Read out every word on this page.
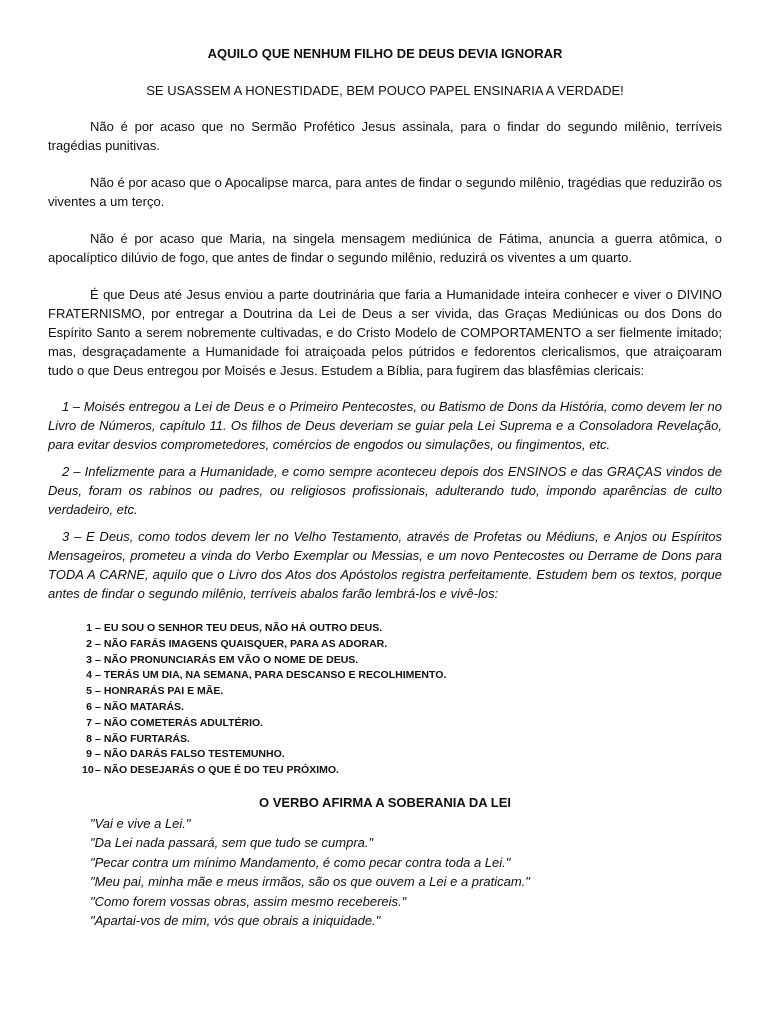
AQUILO QUE NENHUM FILHO DE DEUS DEVIA IGNORAR
SE USASSEM A HONESTIDADE, BEM POUCO PAPEL ENSINARIA A VERDADE!

Não é por acaso que no Sermão Profético Jesus assinala, para o findar do segundo milênio, terríveis tragédias punitivas.

Não é por acaso que o Apocalipse marca, para antes de findar o segundo milênio, tragédias que reduzirão os viventes a um terço.

Não é por acaso que Maria, na singela mensagem mediúnica de Fátima, anuncia a guerra atômica, o apocalíptico dilúvio de fogo, que antes de findar o segundo milênio, reduzirá os viventes a um quarto.

É que Deus até Jesus enviou a parte doutrinária que faria a Humanidade inteira conhecer e viver o DIVINO FRATERNISMO, por entregar a Doutrina da Lei de Deus a ser vivida, das Graças Mediúnicas ou dos Dons do Espírito Santo a serem nobremente cultivadas, e do Cristo Modelo de COMPORTAMENTO a ser fielmente imitado; mas, desgraçadamente a Humanidade foi atraiçoada pelos pútridos e fedorentos clericalismos, que atraiçoaram tudo o que Deus entregou por Moisés e Jesus. Estudem a Bíblia, para fugirem das blasfêmias clericais:

1 – Moisés entregou a Lei de Deus e o Primeiro Pentecostes, ou Batismo de Dons da História, como devem ler no Livro de Números, capítulo 11. Os filhos de Deus deveriam se guiar pela Lei Suprema e a Consoladora Revelação, para evitar desvios comprometedores, comércios de engodos ou simulações, ou fingimentos, etc.

2 – Infelizmente para a Humanidade, e como sempre aconteceu depois dos ENSINOS e das GRAÇAS vindos de Deus, foram os rabinos ou padres, ou religiosos profissionais, adulterando tudo, impondo aparências de culto verdadeiro, etc.

3 – E Deus, como todos devem ler no Velho Testamento, através de Profetas ou Médiuns, e Anjos ou Espíritos Mensageiros, prometeu a vinda do Verbo Exemplar ou Messias, e um novo Pentecostes ou Derrame de Dons para TODA A CARNE, aquilo que o Livro dos Atos dos Apóstolos registra perfeitamente. Estudem bem os textos, porque antes de findar o segundo milênio, terríveis abalos farão lembrá-los e vivê-los:

1 – EU SOU O SENHOR TEU DEUS, NÃO HÁ OUTRO DEUS.
2 – NÃO FARÁS IMAGENS QUAISQUER, PARA AS ADORAR.
3 – NÃO PRONUNCIARÁS EM VÃO O NOME DE DEUS.
4 – TERÁS UM DIA, NA SEMANA, PARA DESCANSO E RECOLHIMENTO.
5 – HONRARÁS PAI E MÃE.
6 – NÃO MATARÁS.
7 – NÃO COMETERÁS ADULTÉRIO.
8 – NÃO FURTARÁS.
9 – NÃO DARÁS FALSO TESTEMUNHO.
10 – NÃO DESEJARÁS O QUE É DO TEU PRÓXIMO.
O VERBO AFIRMA A SOBERANIA DA LEI
"Vai e vive a Lei."
"Da Lei nada passará, sem que tudo se cumpra."
"Pecar contra um mínimo Mandamento, é como pecar contra toda a Lei."
"Meu pai, minha mãe e meus irmãos, são os que ouvem a Lei e a praticam."
"Como forem vossas obras, assim mesmo recebereis."
"Apartai-vos de mim, vós que obrais a iniquidade."
